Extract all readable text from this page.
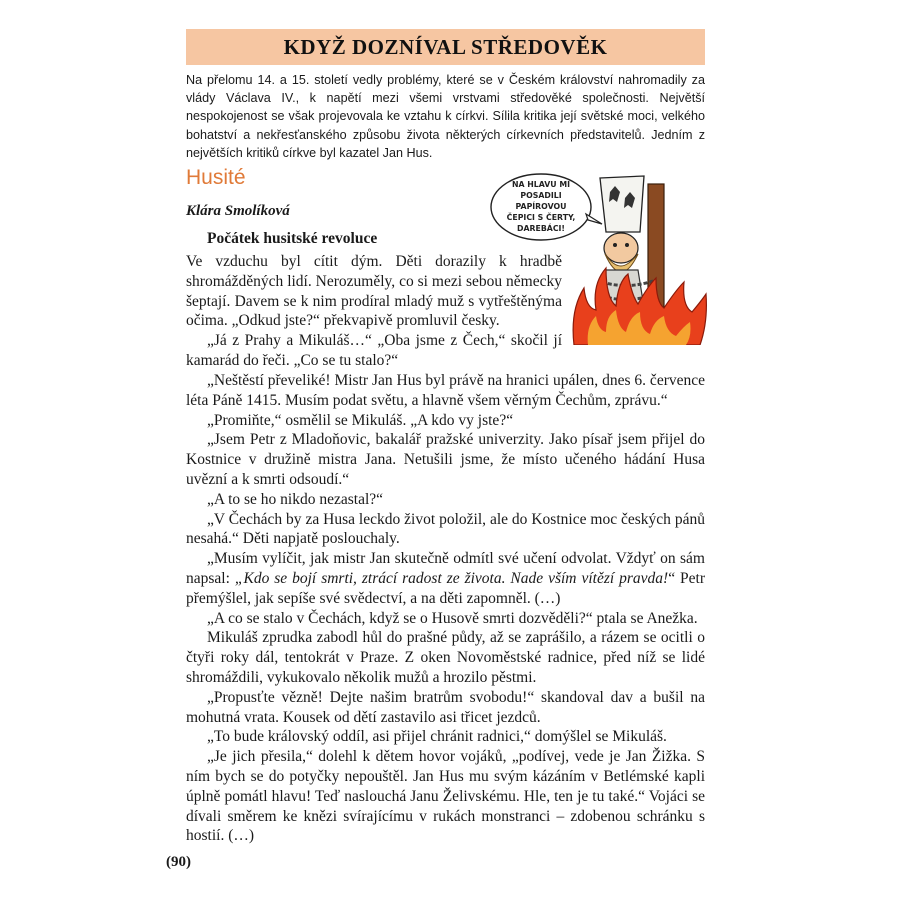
KDYŽ DOZNÍVAL STŘEDOVĚK

Na přelomu 14. a 15. století vedly problémy, které se v Českém království nahromadily za vlády Václava IV., k napětí mezi všemi vrstvami středověké společnosti. Největší nespokojenost se však projevovala ke vztahu k církvi. Sílila kritika její světské moci, velkého bohatství a nekřesťanského způsobu života některých církevních představitelů. Jedním z největších kritiků církve byl kazatel Jan Hus.

Husité

Klára Smolíková

Počátek husitské revoluce

Ve vzduchu byl cítit dým. Děti dorazily k hradbě shromážděných lidí. Nerozuměly, co si mezi sebou německy šeptají. Davem se k nim prodíral mladý muž s vytřeštěnýma očima. „Odkud jste?“ překvapivě promluvil česky.

„Já z Prahy a Mikuláš…“ „Oba jsme z Čech,“ skočil jí kamarád do řeči. „Co se tu stalo?“

„Neštěstí převeliké! Mistr Jan Hus byl právě na hranici upálen, dnes 6. července léta Páně 1415. Musím podat světu, a hlavně všem věrným Čechům, zprávu.“

„Promiňte,“ osmělil se Mikuláš. „A kdo vy jste?“

„Jsem Petr z Mladoňovic, bakalář pražské univerzity. Jako písař jsem přijel do Kostnice v družině mistra Jana. Netušili jsme, že místo učeného hádání Husa uvězní a k smrti odsoudí.“

„A to se ho nikdo nezastal?“

„V Čechách by za Husa leckdo život položil, ale do Kostnice moc českých pánů nesahá.“ Děti napjatě poslouchaly.

„Musím vylíčit, jak mistr Jan skutečně odmítl své učení odvolat. Vždyť on sám napsal: „Kdo se bojí smrti, ztrácí radost ze života. Nade vším vítězí pravda!“ Petr přemýšlel, jak sepíše své svědectví, a na děti zapomněl. (…)

„A co se stalo v Čechách, když se o Husově smrti dozvěděli?“ ptala se Anežka.

Mikuláš zprudka zabodl hůl do prašné půdy, až se zaprášilo, a rázem se ocitli o čtyři roky dál, tentokrát v Praze. Z oken Novoměstské radnice, před níž se lidé shromáždili, vykukovalo několik mužů a hrozilo pěstmi.

„Propusťte vězně! Dejte našim bratrům svobodu!“ skandoval dav a bušil na mohutná vrata. Kousek od dětí zastavilo asi třicet jezdců.

„To bude královský oddíl, asi přijel chránit radnici,“ domýšlel se Mikuláš.

„Je jich přesila,“ dolehl k dětem hovor vojáků, „podívej, vede je Jan Žižka. S ním bych se do potyčky nepouštěl. Jan Hus mu svým kázáním v Betlémské kapli úplně pomátl hlavu! Teď naslouchá Janu Želivskému. Hle, ten je tu také.“ Vojáci se dívali směrem ke knězi svírajícímu v rukách monstranci – zdobenou schránku s hostií. (…)

NA HLAVU MI
POSADILI
PAPÍROVOU
ČEPICI S ČERTY,
DAREBÁCI!

(90)
